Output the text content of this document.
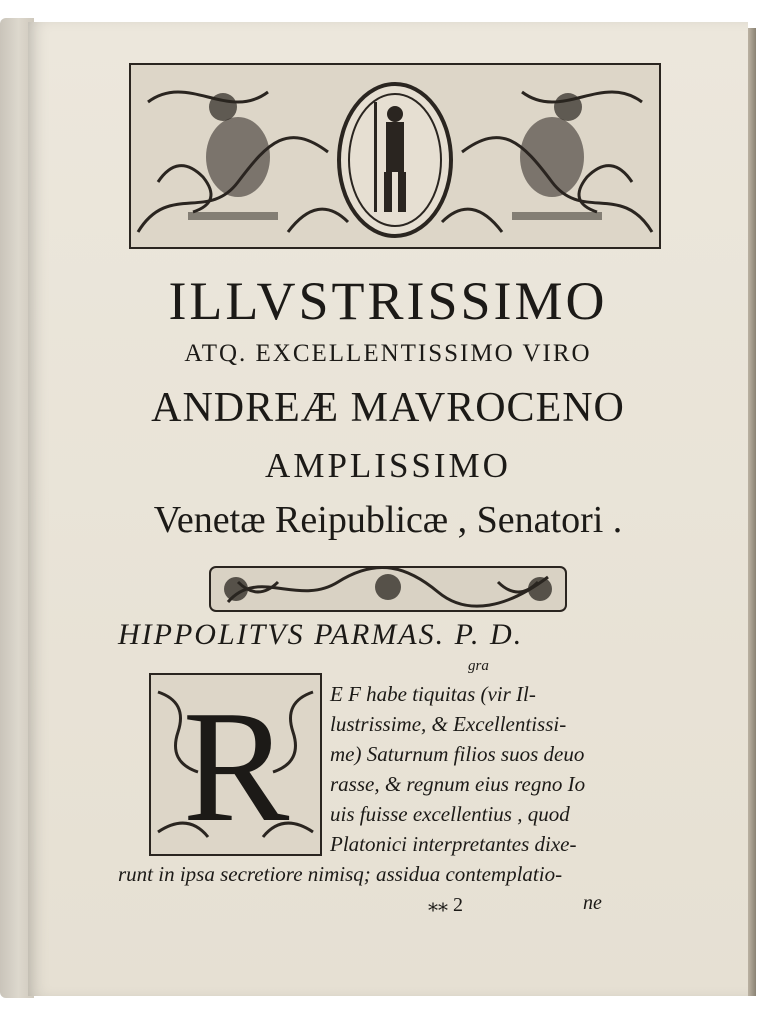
ILLVSTRISSIMO
ATQ. EXCELLENTISSIMO VIRO
ANDREÆ MAVROCENO
AMPLISSIMO
Venetæ Reipublicæ , Senatori .
HIPPOLITVS PARMAS. P. D.
gra
R E F habe tiquitas (vir Il-
lustrissime, & Excellentissi-
me) Saturnum filios suos deuo
rasse, & regnum eius regno Io
uis fuisse excellentius , quod
Platonici interpretantes dixe-
runt in ipsa secretiore nimisq; assidua contemplatio-
⁎⁎ 2	ne
